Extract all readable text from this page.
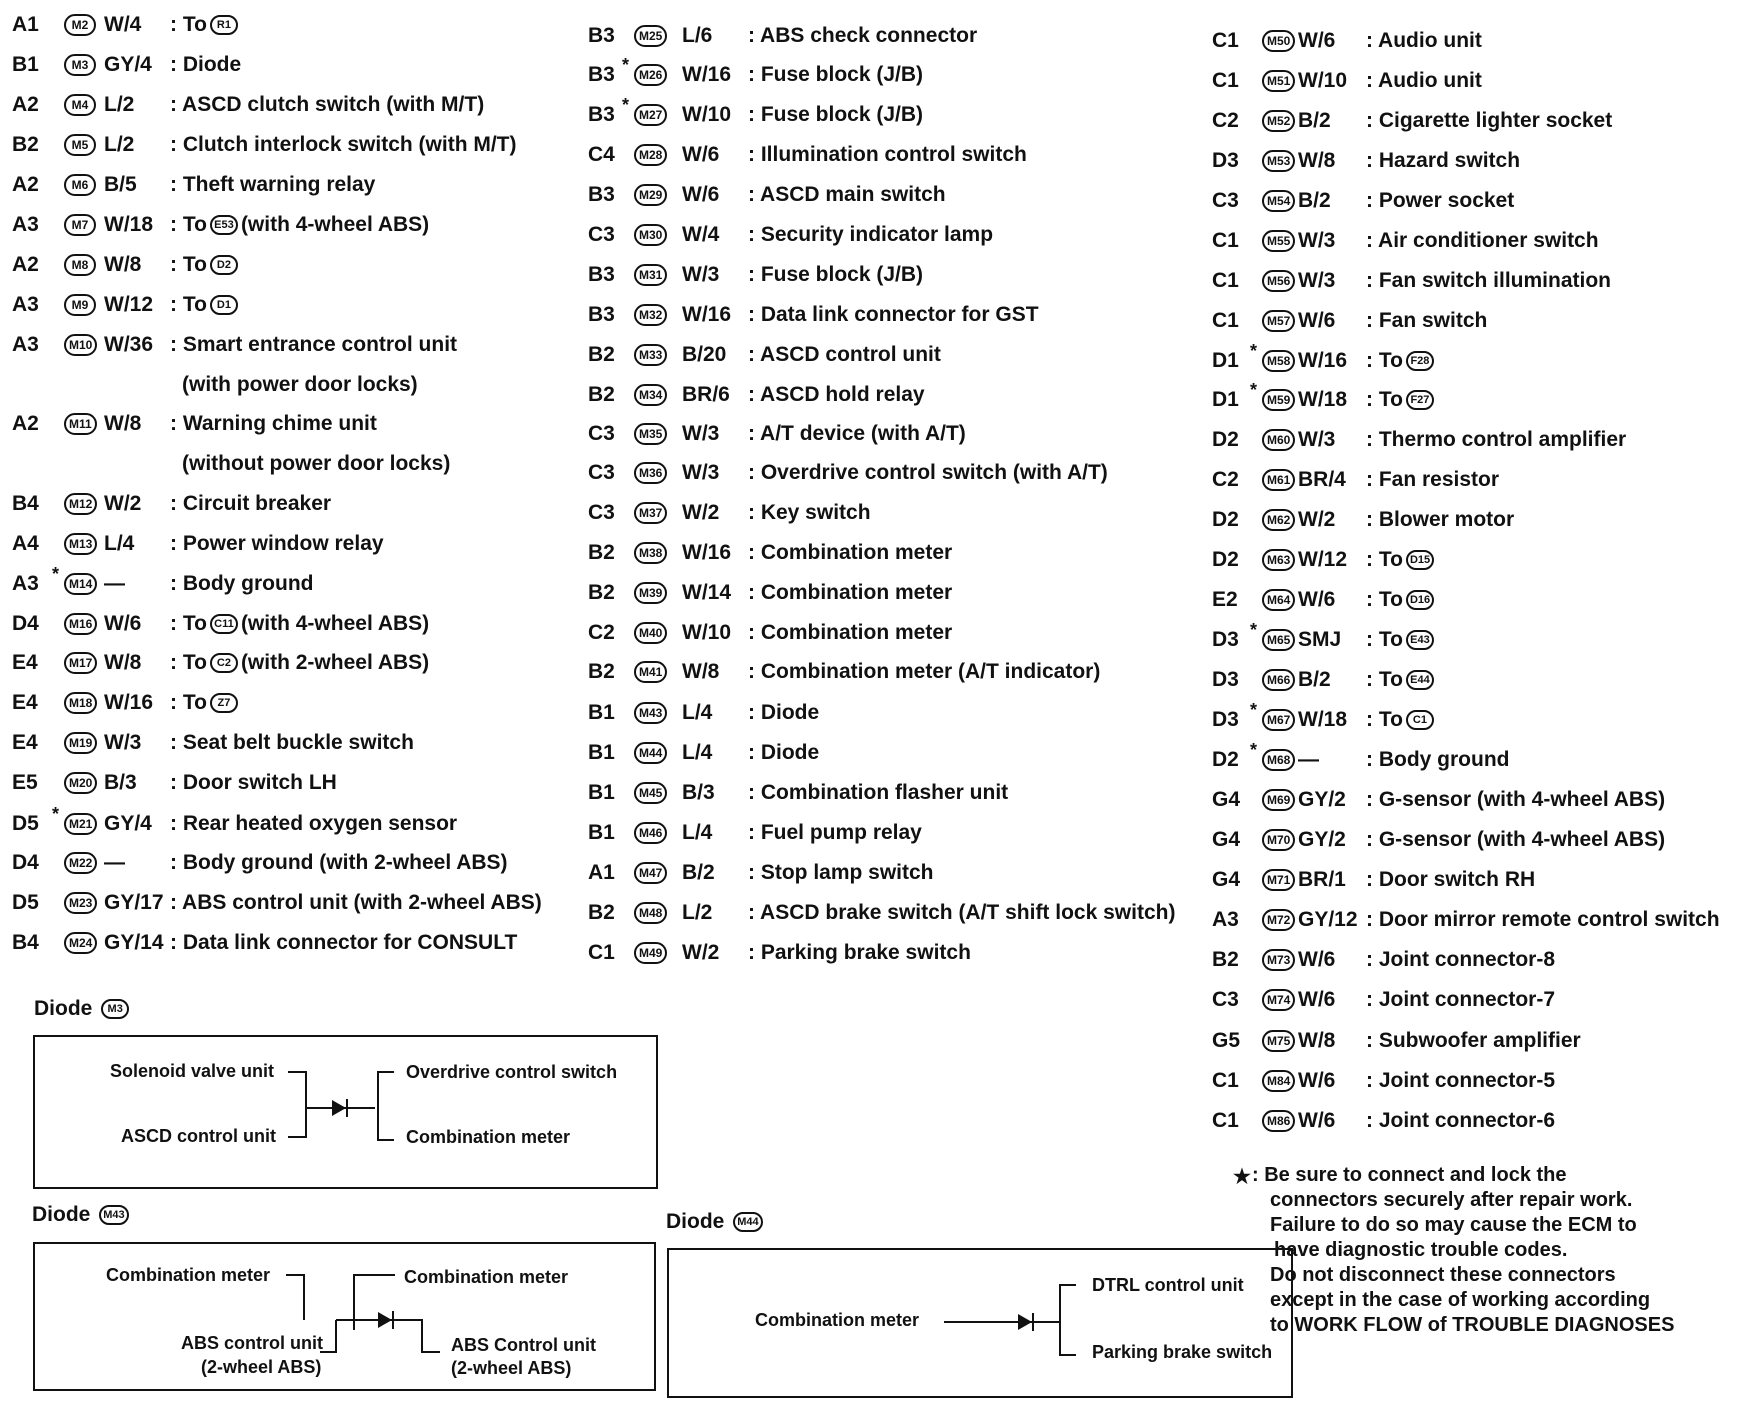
A1	M2 W/4 : To R1
B1	M3 GY/4 : Diode
A2	M4 L/2 : ASCD clutch switch (with M/T)
B2	M5 L/2 : Clutch interlock switch (with M/T)
A2	M6 B/5 : Theft warning relay
A3	M7 W/18 : To E53 (with 4-wheel ABS)
A2	M8 W/8 : To D2
A3	M9 W/12 : To D1
A3	M10 W/36 : Smart entrance control unit
(with power door locks)
A2	M11 W/8 : Warning chime unit
(without power door locks)
B4	M12 W/2 : Circuit breaker
A4	M13 L/4 : Power window relay
A3 * M14 — : Body ground
D4	M16 W/6 : To C11 (with 4-wheel ABS)
E4	M17 W/8 : To C2 (with 2-wheel ABS)
E4	M18 W/16 : To Z7
E4	M19 W/3 : Seat belt buckle switch
E5	M20 B/3 : Door switch LH
D5 * M21 GY/4 : Rear heated oxygen sensor
D4	M22 — : Body ground (with 2-wheel ABS)
D5	M23 GY/17 : ABS control unit (with 2-wheel ABS)
B4	M24 GY/14 : Data link connector for CONSULT
B3	M25 L/6 : ABS check connector
B3 * M26 W/16 : Fuse block (J/B)
B3 * M27 W/10 : Fuse block (J/B)
C4	M28 W/6 : Illumination control switch
B3	M29 W/6 : ASCD main switch
C3	M30 W/4 : Security indicator lamp
B3	M31 W/3 : Fuse block (J/B)
B3	M32 W/16 : Data link connector for GST
B2	M33 B/20 : ASCD control unit
B2	M34 BR/6 : ASCD hold relay
C3	M35 W/3 : A/T device (with A/T)
C3	M36 W/3 : Overdrive control switch (with A/T)
C3	M37 W/2 : Key switch
B2	M38 W/16 : Combination meter
B2	M39 W/14 : Combination meter
C2	M40 W/10 : Combination meter
B2	M41 W/8 : Combination meter (A/T indicator)
B1	M43 L/4 : Diode
B1	M44 L/4 : Diode
B1	M45 B/3 : Combination flasher unit
B1	M46 L/4 : Fuel pump relay
A1	M47 B/2 : Stop lamp switch
B2	M48 L/2 : ASCD brake switch (A/T shift lock switch)
C1	M49 W/2 : Parking brake switch
C1	M50 W/6 : Audio unit
C1	M51 W/10 : Audio unit
C2	M52 B/2 : Cigarette lighter socket
D3	M53 W/8 : Hazard switch
C3	M54 B/2 : Power socket
C1	M55 W/3 : Air conditioner switch
C1	M56 W/3 : Fan switch illumination
C1	M57 W/6 : Fan switch
D1 * M58 W/16 : To F28
D1 * M59 W/18 : To F27
D2	M60 W/3 : Thermo control amplifier
C2	M61 BR/4 : Fan resistor
D2	M62 W/2 : Blower motor
D2	M63 W/12 : To D15
E2	M64 W/6 : To D16
D3 * M65 SMJ : To E43
D3	M66 B/2 : To E44
D3 * M67 W/18 : To C1
D2 * M68 — : Body ground
G4	M69 GY/2 : G-sensor (with 4-wheel ABS)
G4	M70 GY/2 : G-sensor (with 4-wheel ABS)
G4	M71 BR/1 : Door switch RH
A3	M72 GY/12 : Door mirror remote control switch
B2	M73 W/6 : Joint connector-8
C3	M74 W/6 : Joint connector-7
G5	M75 W/8 : Subwoofer amplifier
C1	M84 W/6 : Joint connector-5
C1	M86 W/6 : Joint connector-6
Diode M3
Solenoid valve unit
ASCD control unit
Overdrive control switch
Combination meter
Diode M43
Combination meter
ABS control unit
(2-wheel ABS)
Combination meter
ABS Control unit
(2-wheel ABS)
Diode M44
Combination meter
DTRL control unit
Parking brake switch
★ : Be sure to connect and lock the
connectors securely after repair work.
Failure to do so may cause the ECM to
have diagnostic trouble codes.
Do not disconnect these connectors
except in the case of working according
to WORK FLOW of TROUBLE DIAGNOSES
